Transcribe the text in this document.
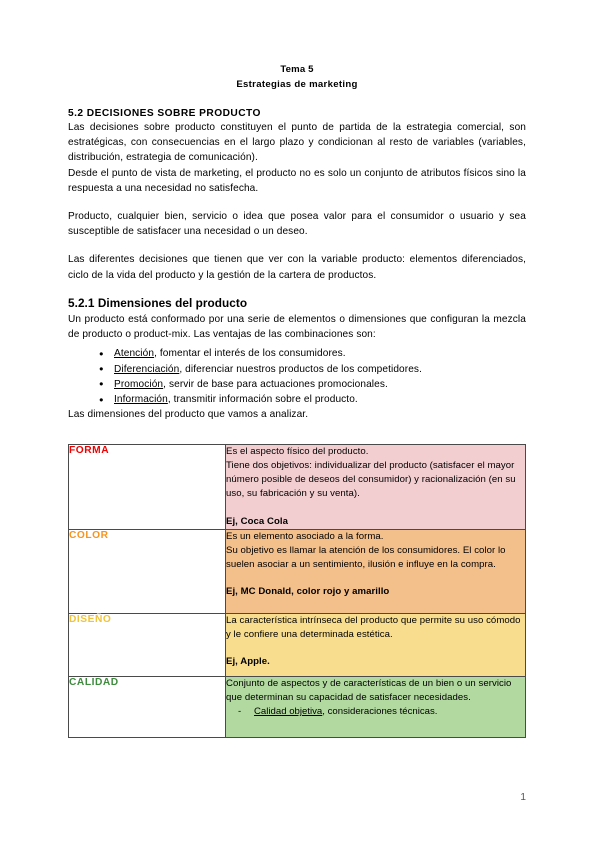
Tema 5
Estrategias de marketing
5.2 DECISIONES SOBRE PRODUCTO

Las decisiones sobre producto constituyen el punto de partida de la estrategia comercial, son estratégicas, con consecuencias en el largo plazo y condicionan al resto de variables (variables, distribución, estrategia de comunicación).

Desde el punto de vista de marketing, el producto no es solo un conjunto de atributos físicos sino la respuesta a una necesidad no satisfecha.

Producto, cualquier bien, servicio o idea que posea valor para el consumidor o usuario y sea susceptible de satisfacer una necesidad o un deseo.

Las diferentes decisiones que tienen que ver con la variable producto: elementos diferenciados, ciclo de la vida del producto y la gestión de la cartera de productos.

5.2.1 Dimensiones del producto

Un producto está conformado por una serie de elementos o dimensiones que configuran la mezcla de producto o product-mix. Las ventajas de las combinaciones son:

● Atención, fomentar el interés de los consumidores.
● Diferenciación, diferenciar nuestros productos de los competidores.
● Promoción, servir de base para actuaciones promocionales.
● Información, transmitir información sobre el producto.

Las dimensiones del producto que vamos a analizar.

FORMA	Es el aspecto físico del producto.
Tiene dos objetivos: individualizar del producto (satisfacer el mayor número posible de deseos del consumidor) y racionalización (en su uso, su fabricación y su venta).
Ej, Coca Cola

COLOR	Es un elemento asociado a la forma.
Su objetivo es llamar la atención de los consumidores. El color lo suelen asociar a un sentimiento, ilusión e influye en la compra.
Ej, MC Donald, color rojo y amarillo

DISEÑO	La característica intrínseca del producto que permite su uso cómodo y le confiere una determinada estética.
Ej, Apple.

CALIDAD	Conjunto de aspectos y de características de un bien o un servicio que determinan su capacidad de satisfacer necesidades.
- Calidad objetiva, consideraciones técnicas.
1
